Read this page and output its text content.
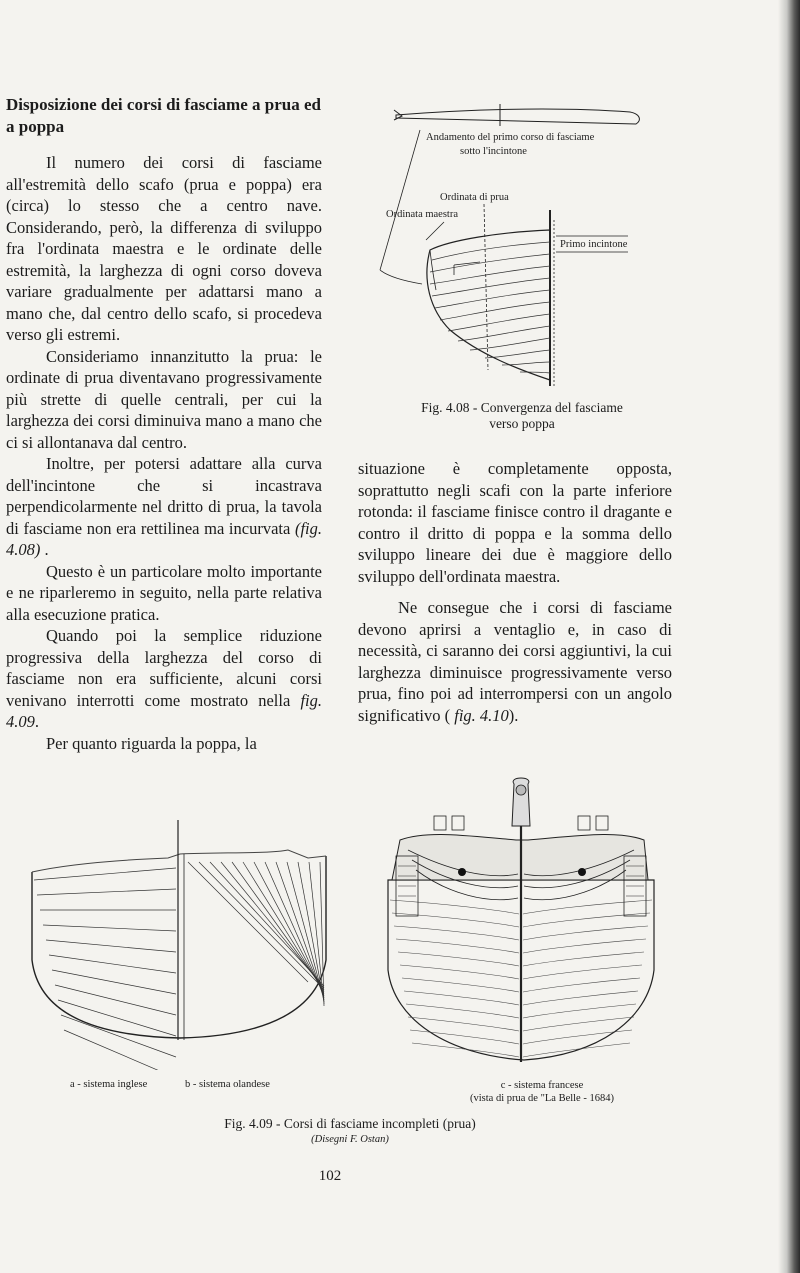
Disposizione dei corsi di fasciame a prua ed a poppa

Il numero dei corsi di fasciame all'estremità dello scafo (prua e poppa) era (circa) lo stesso che a centro nave. Considerando, però, la differenza di sviluppo fra l'ordinata maestra e le ordinate delle estremità, la larghezza di ogni corso doveva variare gradualmente per adattarsi mano a mano che, dal centro dello scafo, si procedeva verso gli estremi.

Consideriamo innanzitutto la prua: le ordinate di prua diventavano progressivamente più strette di quelle centrali, per cui la larghezza dei corsi diminuiva mano a mano che ci si allontanava dal centro.

Inoltre, per potersi adattare alla curva dell'incintone che si incastrava perpendicolarmente nel dritto di prua, la tavola di fasciame non era rettilinea ma incurvata (fig. 4.08) .

Questo è un particolare molto importante e ne riparleremo in seguito, nella parte relativa alla esecuzione pratica.

Quando poi la semplice riduzione progressiva della larghezza del corso di fasciame non era sufficiente, alcuni corsi venivano interrotti come mostrato nella fig. 4.09.

Per quanto riguarda la poppa, la

Andamento del primo corso di fasciame
sotto l'incintone
Ordinata di prua
Ordinata maestra
Primo incintone
Fig. 4.08 - Convergenza del fasciame
verso poppa

situazione è completamente opposta, soprattutto negli scafi con la parte inferiore rotonda: il fasciame finisce contro il dragante e contro il dritto di poppa e la somma dello sviluppo lineare dei due è maggiore dello sviluppo dell'ordinata maestra.

Ne consegue che i corsi di fasciame devono aprirsi a ventaglio e, in caso di necessità, ci saranno dei corsi aggiuntivi, la cui larghezza diminuisce progressivamente verso prua, fino poi ad interrompersi con un angolo significativo ( fig. 4.10).

a - sistema inglese	b - sistema olandese	c - sistema francese
(vista di prua de "La Belle - 1684)
Fig. 4.09 - Corsi di fasciame incompleti (prua)
(Disegni F. Ostan)
102
